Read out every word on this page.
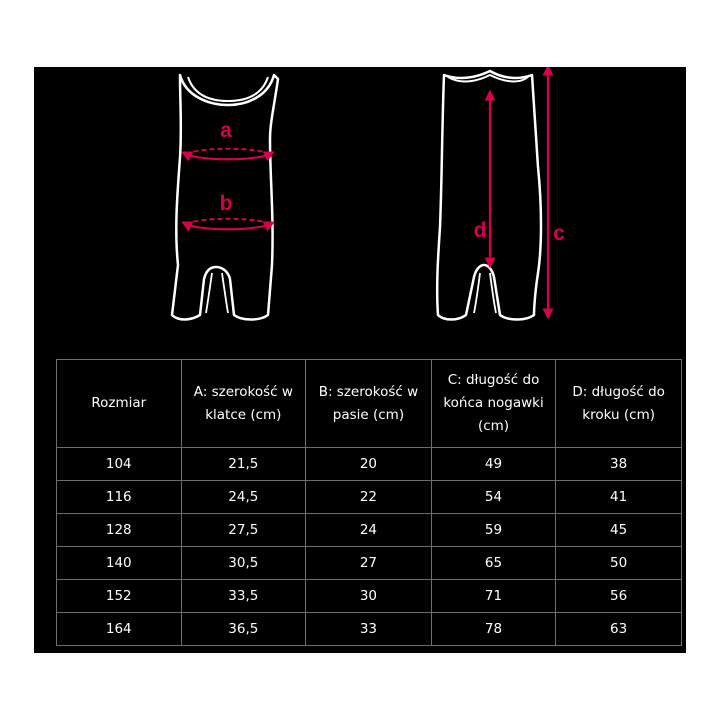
a
b
d	c
Rozmiar	A: szerokość w klatce (cm)	B: szerokość w pasie (cm)	C: długość do końca nogawki (cm)	D: długość do kroku (cm)
104	21,5	20	49	38
116	24,5	22	54	41
128	27,5	24	59	45
140	30,5	27	65	50
152	33,5	30	71	56
164	36,5	33	78	63
